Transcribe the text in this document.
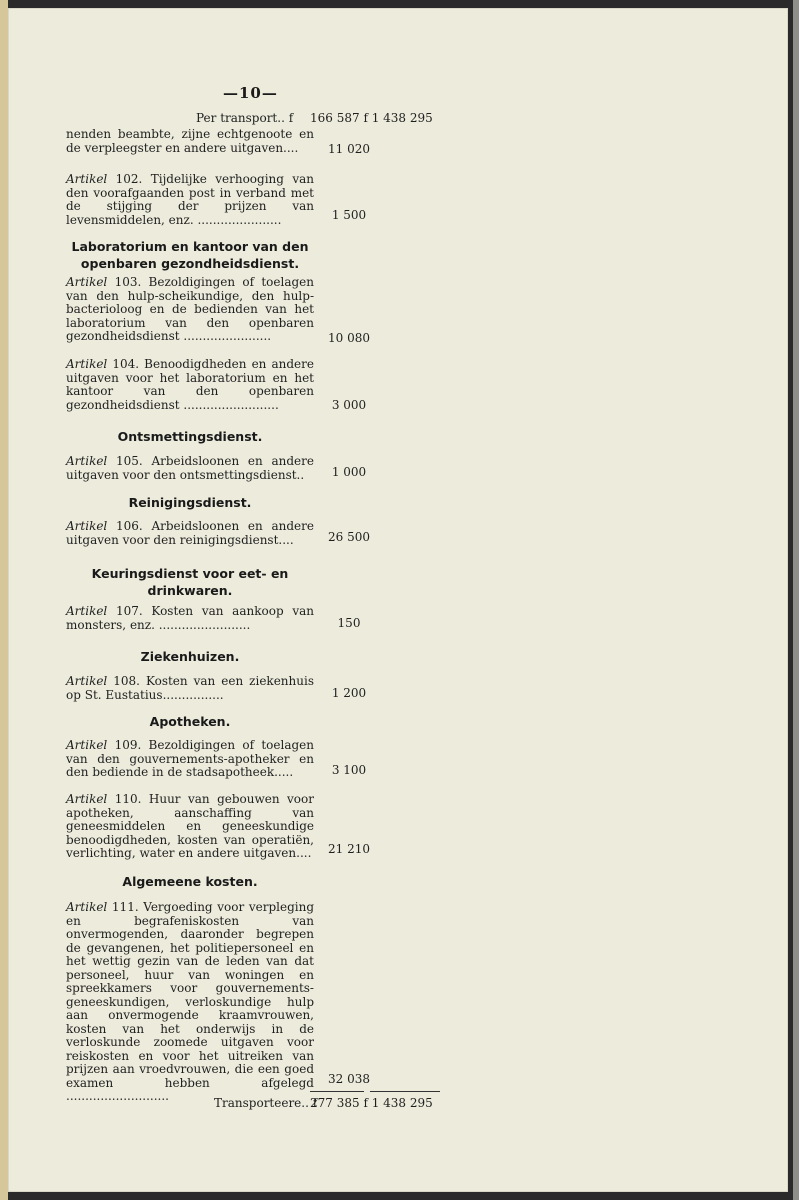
—10—
Per transport.. f 166 587 f 1 438 295
nenden beambte, zijne echtgenoote en de verpleegster en andere uitgaven....	11 020
Artikel 102. Tijdelijke verhooging van den voorafgaanden post in verband met de stijging der prijzen van levensmiddelen, enz. ......................	1 500
Laboratorium en kantoor van den openbaren gezondheidsdienst.
Artikel 103. Bezoldigingen of toelagen van den hulp-scheikundige, den hulp-bacterioloog en de bedienden van het laboratorium van den openbaren gezondheidsdienst .......................	10 080
Artikel 104. Benoodigdheden en andere uitgaven voor het laboratorium en het kantoor van den openbaren gezondheidsdienst .........................	3 000
Ontsmettingsdienst.
Artikel 105. Arbeidsloonen en andere uitgaven voor den ontsmettingsdienst..	1 000
Reinigingsdienst.
Artikel 106. Arbeidsloonen en andere uitgaven voor den reinigingsdienst....	26 500
Keuringsdienst voor eet- en drinkwaren.
Artikel 107. Kosten van aankoop van monsters, enz. ........................	150
Ziekenhuizen.
Artikel 108. Kosten van een ziekenhuis op St. Eustatius................	1 200
Apotheken.
Artikel 109. Bezoldigingen of toelagen van den gouvernements-apotheker en den bediende in de stadsapotheek.....	3 100
Artikel 110. Huur van gebouwen voor apotheken, aanschaffing van geneesmiddelen en geneeskundige benoodigdheden, kosten van operatiën, verlichting, water en andere uitgaven....	21 210
Algemeene kosten.
Artikel 111. Vergoeding voor verpleging en begrafeniskosten van onvermogenden, daaronder begrepen de gevangenen, het politiepersoneel en het wettig gezin van de leden van dat personeel, huur van woningen en spreekkamers voor gouvernements-geneeskundigen, verloskundige hulp aan onvermogende kraamvrouwen, kosten van het onderwijs in de verloskunde zoomede uitgaven voor reiskosten en voor het uitreiken van prijzen aan vroedvrouwen, die een goed examen hebben afgelegd ...........................
32 038
Transporteere.. f
277 385 f 1 438 295
